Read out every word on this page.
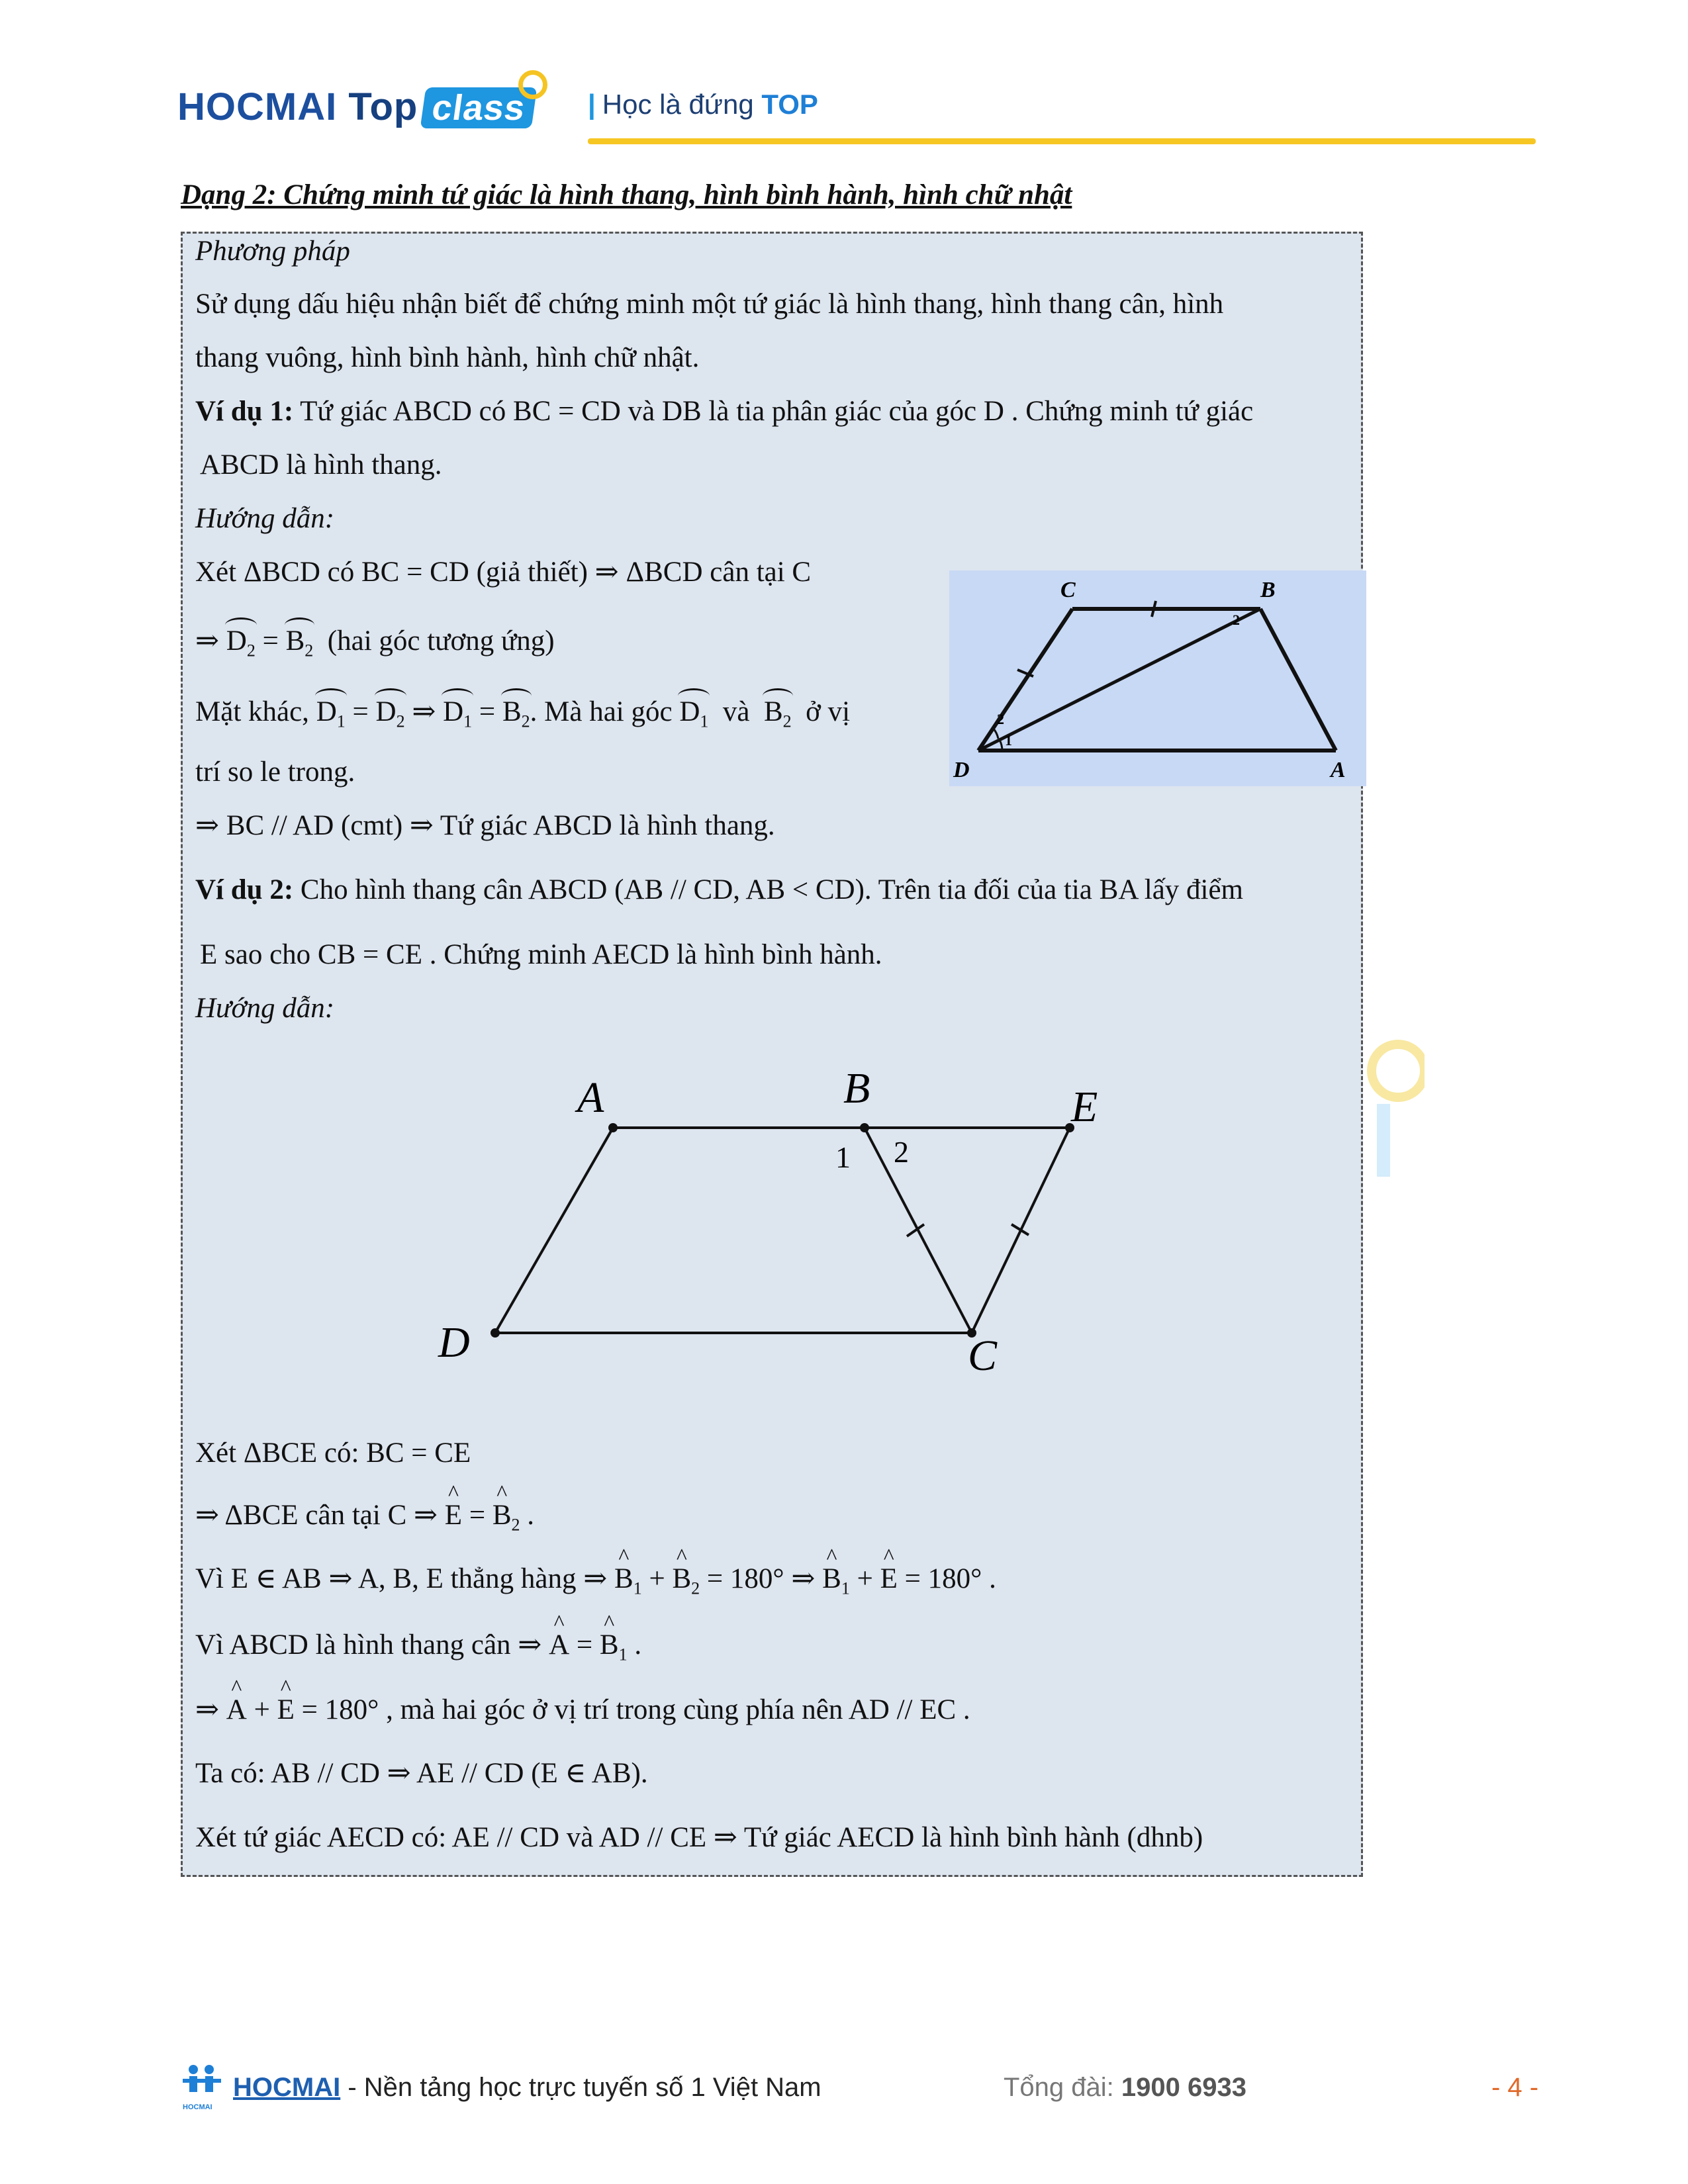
HOCMAI Top class | Học là đứng TOP
Dạng 2: Chứng minh tứ giác là hình thang, hình bình hành, hình chữ nhật
Phương pháp
Sử dụng dấu hiệu nhận biết để chứng minh một tứ giác là hình thang, hình thang cân, hình
thang vuông, hình bình hành, hình chữ nhật.
Ví dụ 1: Tứ giác ABCD có BC = CD và DB là tia phân giác của góc D . Chứng minh tứ giác
ABCD là hình thang.
Hướng dẫn:
Xét ΔBCD có BC = CD (giả thiết) ⇒ ΔBCD cân tại C
⇒ $D_2 = B_2$ (hai góc tương ứng)
Mặt khác, $D_1 = D_2$ ⇒ $D_1 = B_2$. Mà hai góc $D_1$ và $B_2$ ở vị
trí so le trong.
⇒ BC // AD (cmt) ⇒ Tứ giác ABCD là hình thang.
C	B
D	A
1
2
2
Ví dụ 2: Cho hình thang cân ABCD (AB // CD, AB < CD). Trên tia đối của tia BA lấy điểm
E sao cho CB = CE . Chứng minh AECD là hình bình hành.
Hướng dẫn:
A	B	E
D	C
1 2
Xét ΔBCE có: BC = CE
⇒ ΔBCE cân tại C ⇒ ^ E = ^ $B_2$ .
Vì E ∈ AB ⇒ A, B, E thẳng hàng ⇒ ^ $B_1$ + ^ $B_2 = 180^\circ$ ⇒ ^ $B_1$ + ^ E = 180° .
Vì ABCD là hình thang cân ⇒ ^ A = ^ $B_1$ .
⇒ ^ A + ^ E = 180° , mà hai góc ở vị trí trong cùng phía nên AD // EC .
Ta có: AB // CD ⇒ AE // CD (E ∈ AB).
Xét tứ giác AECD có: AE // CD và AD // CE ⇒ Tứ giác AECD là hình bình hành (dhnb)
HOCMAI
HOCMAI - Nền tảng học trực tuyến số 1 Việt Nam	Tổng đài: 1900 6933	- 4 -
